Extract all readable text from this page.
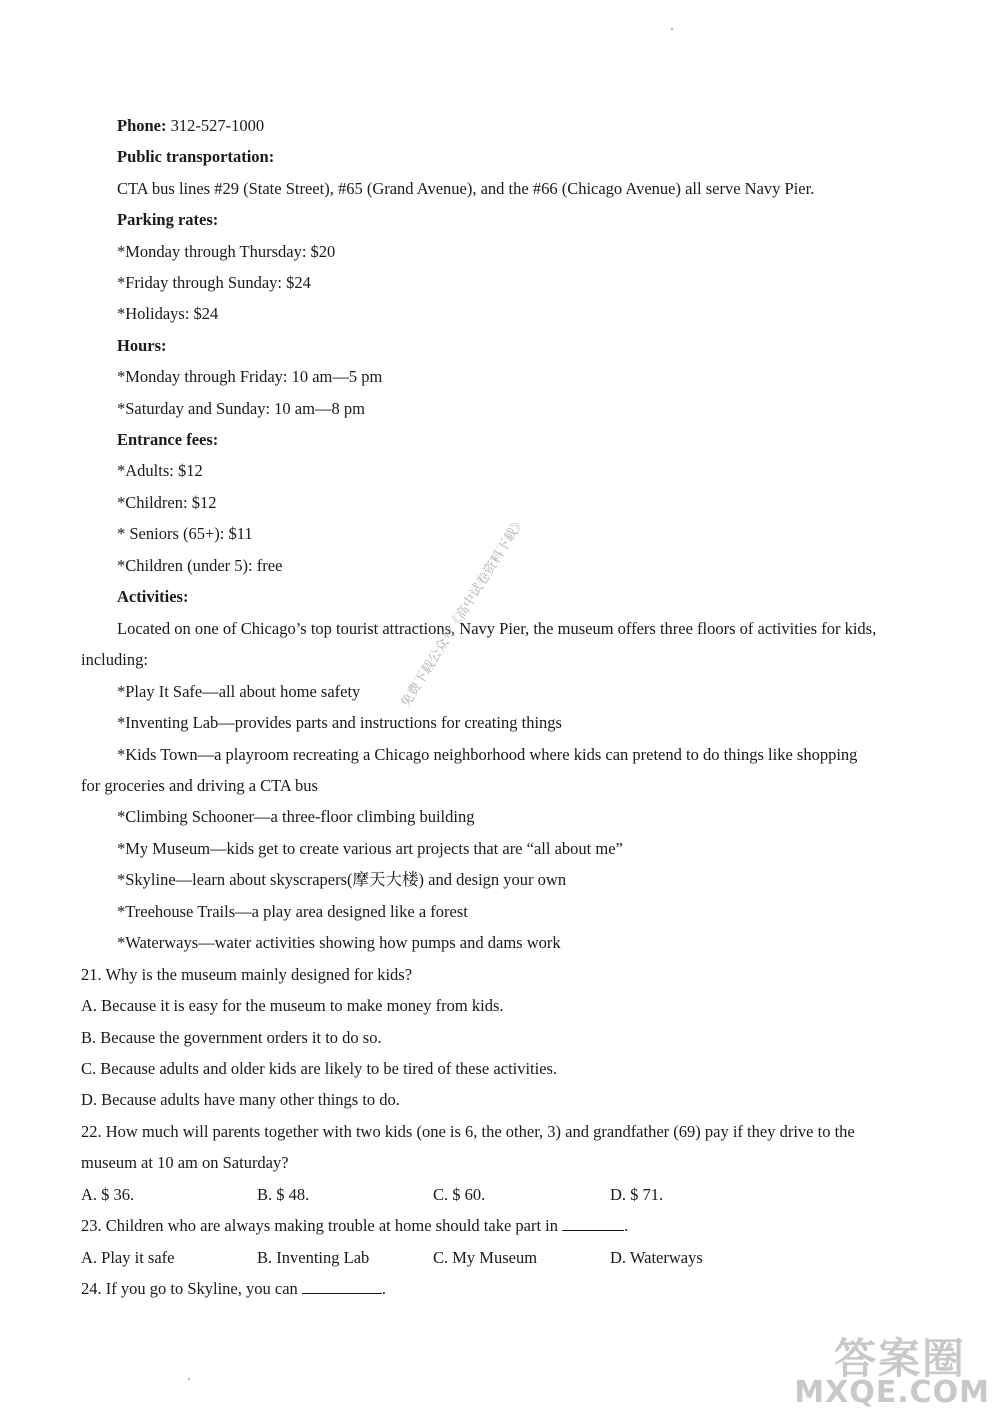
Phone: 312-527-1000
Public transportation:
CTA bus lines #29 (State Street), #65 (Grand Avenue), and the #66 (Chicago Avenue) all serve Navy Pier.
Parking rates:
*Monday through Thursday: $20
*Friday through Sunday: $24
*Holidays: $24
Hours:
*Monday through Friday: 10 am—5 pm
*Saturday and Sunday: 10 am—8 pm
Entrance fees:
*Adults: $12
*Children: $12
* Seniors (65+): $11
*Children (under 5): free
Activities:
Located on one of Chicago’s top tourist attractions, Navy Pier, the museum offers three floors of activities for kids,
including:
*Play It Safe—all about home safety
*Inventing Lab—provides parts and instructions for creating things
*Kids Town—a playroom recreating a Chicago neighborhood where kids can pretend to do things like shopping
for groceries and driving a CTA bus
*Climbing Schooner—a three-floor climbing building
*My Museum—kids get to create various art projects that are “all about me”
*Skyline—learn about skyscrapers(摩天大楼) and design your own
*Treehouse Trails—a play area designed like a forest
*Waterways—water activities showing how pumps and dams work
21. Why is the museum mainly designed for kids?
A. Because it is easy for the museum to make money from kids.
B. Because the government orders it to do so.
C. Because adults and older kids are likely to be tired of these activities.
D. Because adults have many other things to do.
22. How much will parents together with two kids (one is 6, the other, 3) and grandfather (69) pay if they drive to the
museum at 10 am on Saturday?
A. $ 36.	B. $ 48.	C. $ 60.	D. $ 71.
23. Children who are always making trouble at home should take part in	.
A. Play it safe	B. Inventing Lab	C. My Museum	D. Waterways
24. If you go to Skyline, you can	.
免费下载公众号《高中试卷资料下载》
答案圈
MXQE.COM
